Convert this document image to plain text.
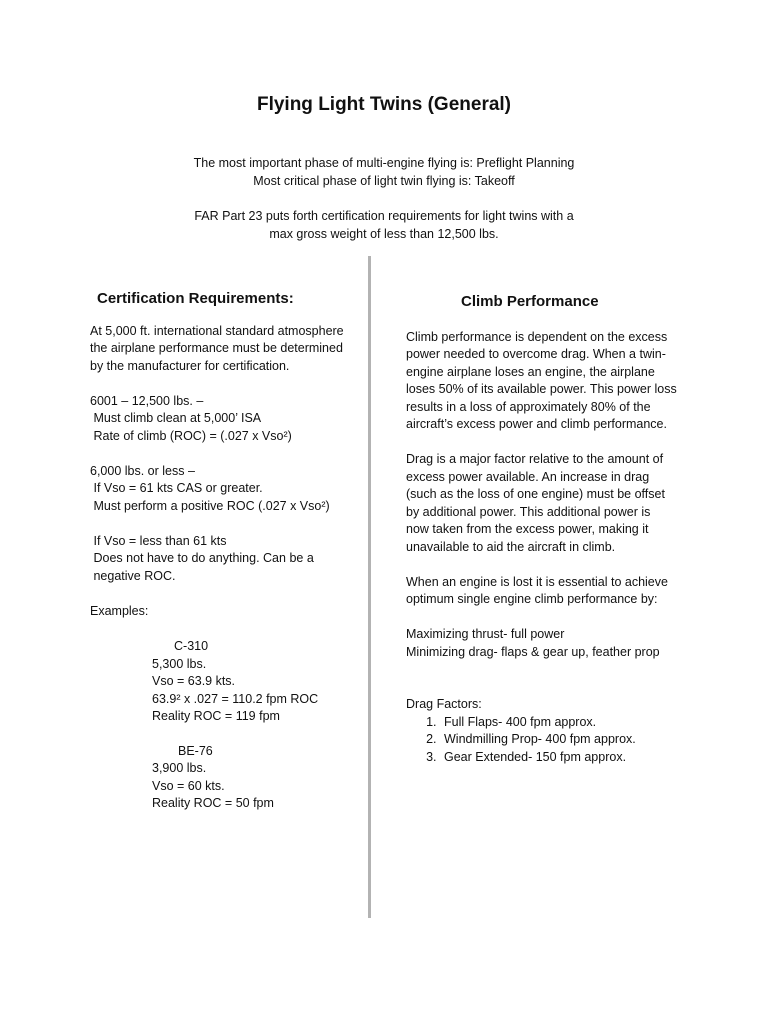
Flying Light Twins (General)

The most important phase of multi-engine flying is: Preflight Planning
Most critical phase of light twin flying is: Takeoff

FAR Part 23 puts forth certification requirements for light twins with a
max gross weight of less than 12,500 lbs.

Certification Requirements:
At 5,000 ft. international standard atmosphere
the airplane performance must be determined
by the manufacturer for certification.
6001 – 12,500 lbs. –
Must climb clean at 5,000’ ISA
Rate of climb (ROC) = (.027 x Vso²)
6,000 lbs. or less –
If Vso = 61 kts CAS or greater.
Must perform a positive ROC (.027 x Vso²)
If Vso = less than 61 kts
Does not have to do anything. Can be a
negative ROC.
Examples:
C-310
5,300 lbs.
Vso = 63.9 kts.
63.9² x .027 = 110.2 fpm ROC
Reality ROC = 119 fpm
BE-76
3,900 lbs.
Vso = 60 kts.
Reality ROC = 50 fpm
Climb Performance
Climb performance is dependent on the excess
power needed to overcome drag. When a twin-
engine airplane loses an engine, the airplane
loses 50% of its available power. This power loss
results in a loss of approximately 80% of the
aircraft’s excess power and climb performance.
Drag is a major factor relative to the amount of
excess power available. An increase in drag
(such as the loss of one engine) must be offset
by additional power. This additional power is
now taken from the excess power, making it
unavailable to aid the aircraft in climb.
When an engine is lost it is essential to achieve
optimum single engine climb performance by:
Maximizing thrust- full power
Minimizing drag- flaps & gear up, feather prop
Drag Factors:
1. Full Flaps- 400 fpm approx.
2. Windmilling Prop- 400 fpm approx.
3. Gear Extended- 150 fpm approx.
